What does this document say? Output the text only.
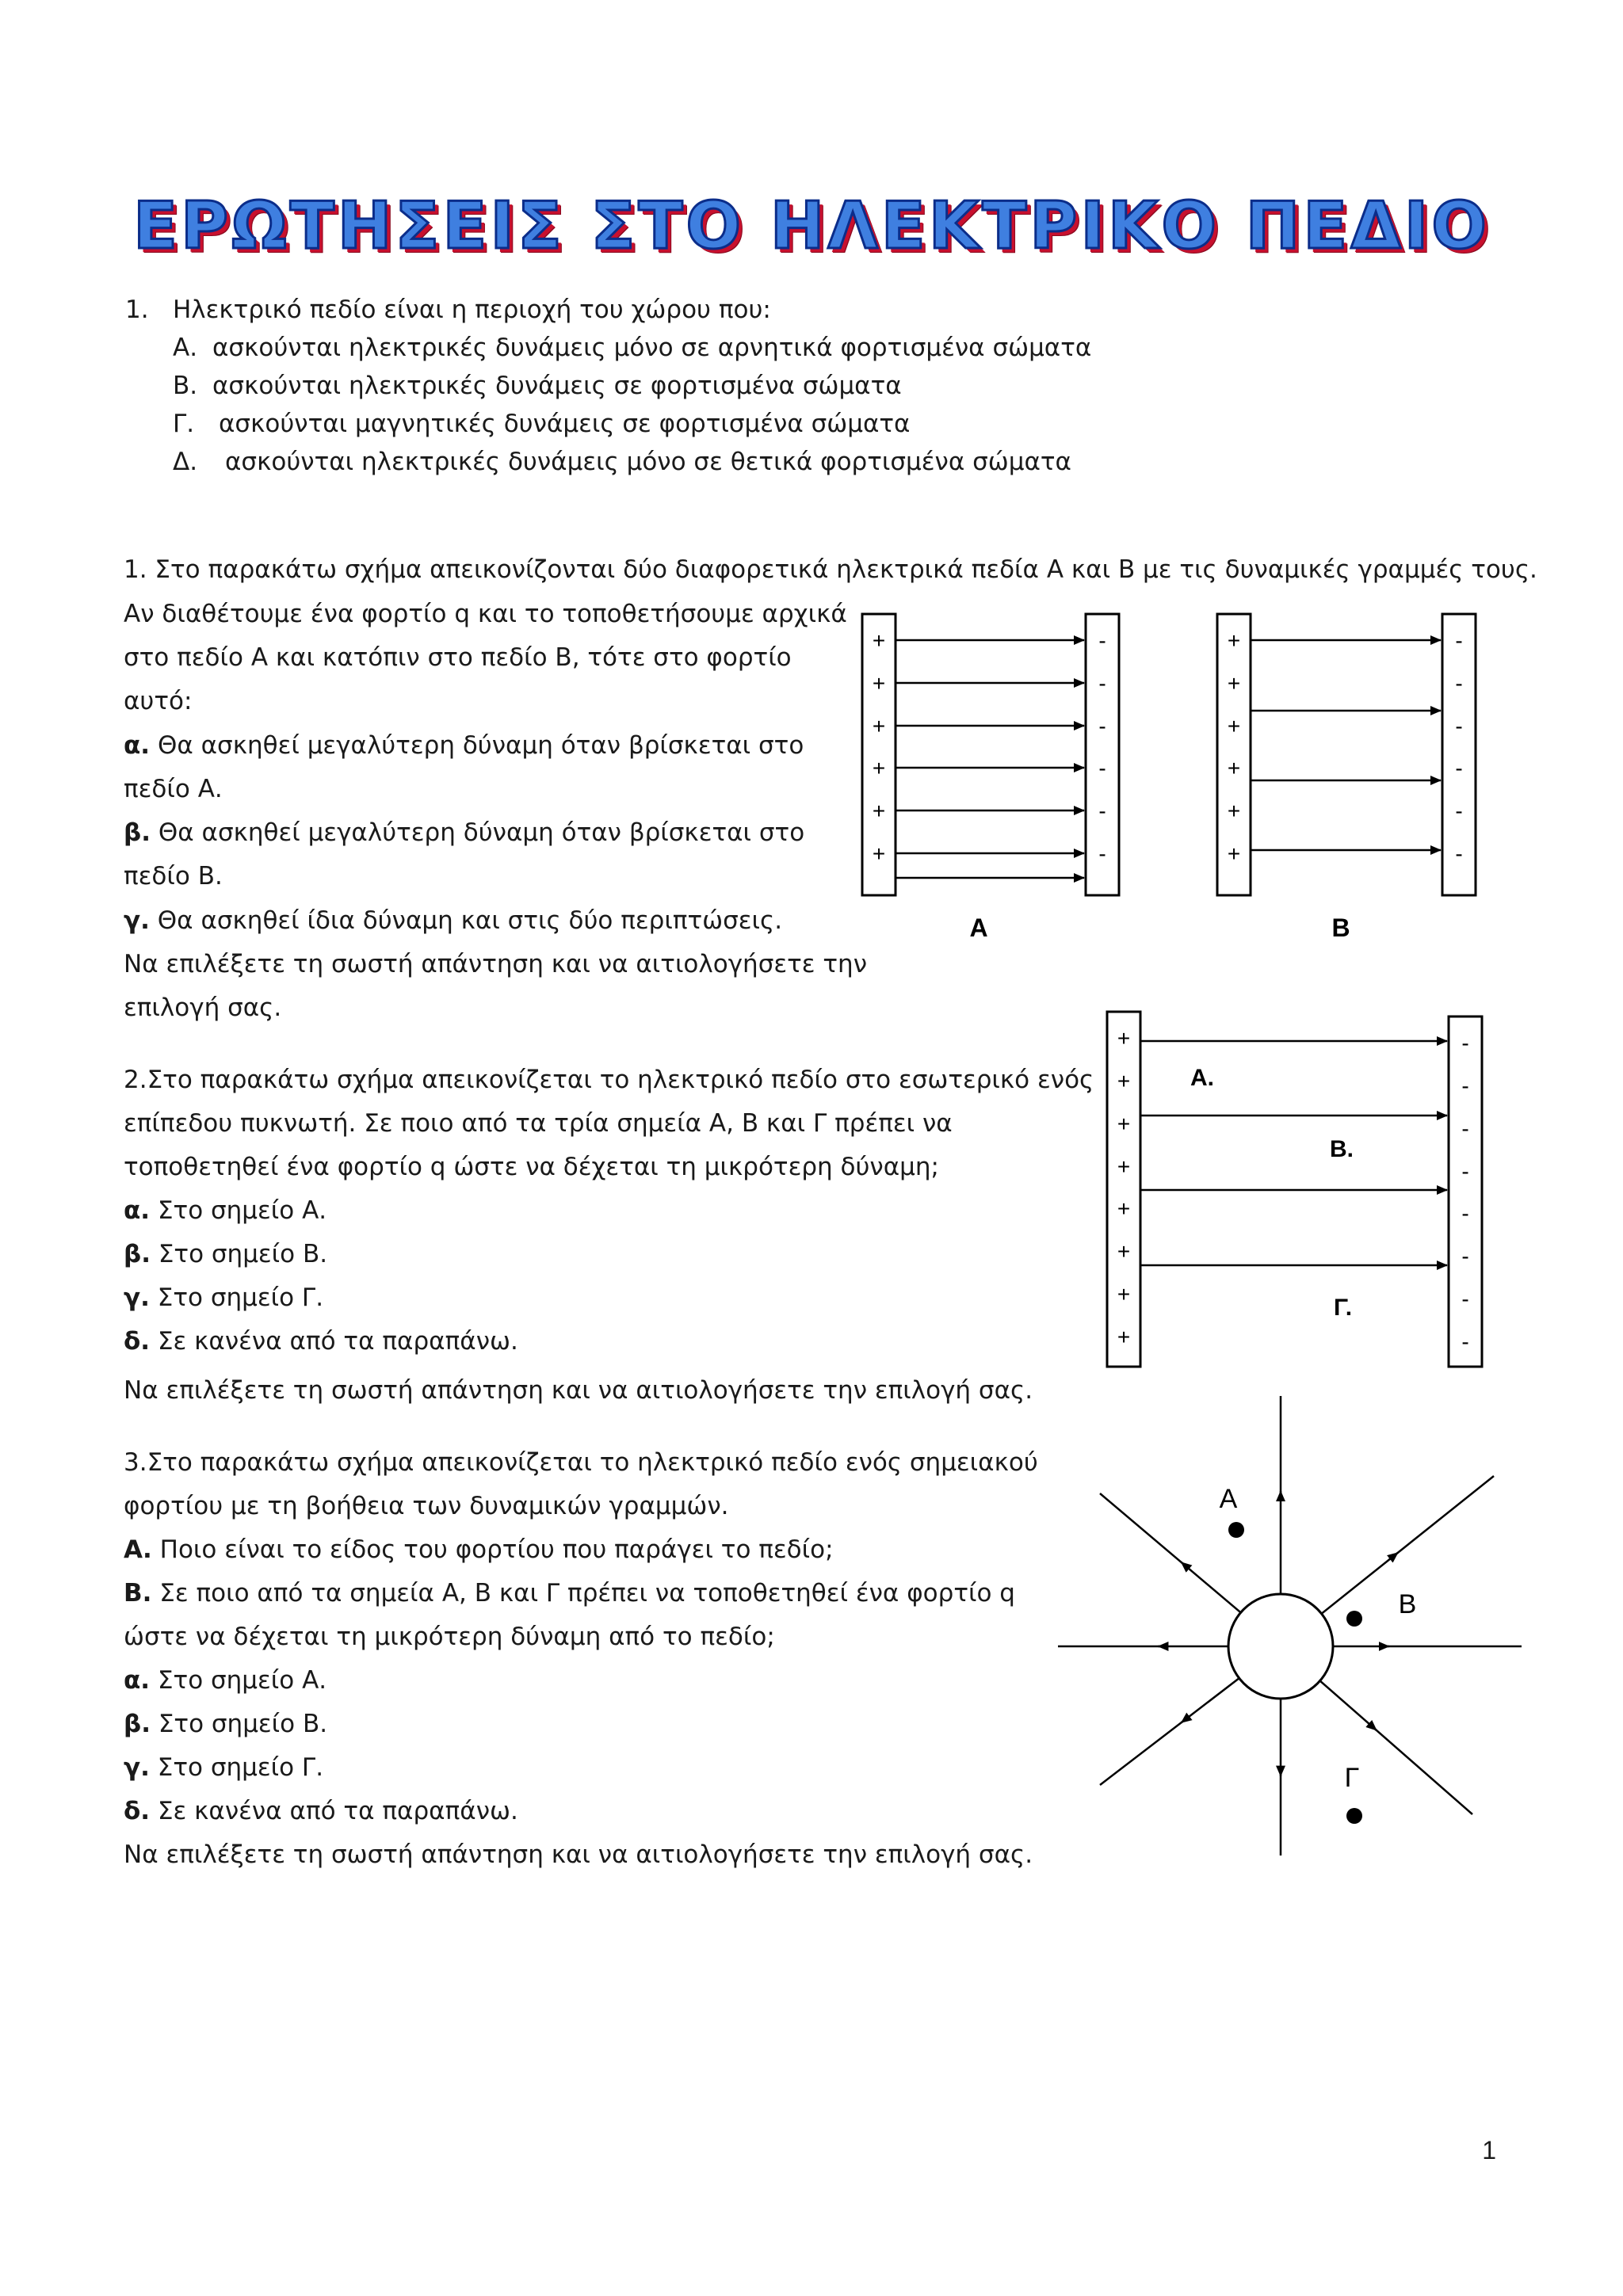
ΕΡΩΤΗΣΕΙΣ ΣΤΟ ΗΛΕΚΤΡΙΚΟ ΠΕΔΙΟ
1. Ηλεκτρικό πεδίο είναι η περιοχή του χώρου που:
Α. ασκούνται ηλεκτρικές δυνάμεις μόνο σε αρνητικά φορτισμένα σώματα
Β. ασκούνται ηλεκτρικές δυνάμεις σε φορτισμένα σώματα
Γ. ασκούνται μαγνητικές δυνάμεις σε φορτισμένα σώματα
Δ. ασκούνται ηλεκτρικές δυνάμεις μόνο σε θετικά φορτισμένα σώματα
1. Στο παρακάτω σχήμα απεικονίζονται δύο διαφορετικά ηλεκτρικά πεδία Α και Β με τις δυναμικές γραμμές τους.
Αν διαθέτουμε ένα φορτίο q και το τοποθετήσουμε αρχικά
στο πεδίο Α και κατόπιν στο πεδίο Β, τότε στο φορτίο
αυτό:
α. Θα ασκηθεί μεγαλύτερη δύναμη όταν βρίσκεται στο
πεδίο Α.
β. Θα ασκηθεί μεγαλύτερη δύναμη όταν βρίσκεται στο
πεδίο Β.
γ. Θα ασκηθεί ίδια δύναμη και στις δύο περιπτώσεις.
Να επιλέξετε τη σωστή απάντηση και να αιτιολογήσετε την
επιλογή σας.
2.Στο παρακάτω σχήμα απεικονίζεται το ηλεκτρικό πεδίο στο εσωτερικό ενός
επίπεδου πυκνωτή. Σε ποιο από τα τρία σημεία Α, Β και Γ πρέπει να
τοποθετηθεί ένα φορτίο q ώστε να δέχεται τη μικρότερη δύναμη;
α. Στο σημείο Α.
β. Στο σημείο Β.
γ. Στο σημείο Γ.
δ. Σε κανένα από τα παραπάνω.
Να επιλέξετε τη σωστή απάντηση και να αιτιολογήσετε την επιλογή σας.
3.Στο παρακάτω σχήμα απεικονίζεται το ηλεκτρικό πεδίο ενός σημειακού
φορτίου με τη βοήθεια των δυναμικών γραμμών.
Α. Ποιο είναι το είδος του φορτίου που παράγει το πεδίο;
Β. Σε ποιο από τα σημεία Α, Β και Γ πρέπει να τοποθετηθεί ένα φορτίο q
ώστε να δέχεται τη μικρότερη δύναμη από το πεδίο;
α. Στο σημείο Α.
β. Στο σημείο Β.
γ. Στο σημείο Γ.
δ. Σε κανένα από τα παραπάνω.
Να επιλέξετε τη σωστή απάντηση και να αιτιολογήσετε την επιλογή σας.
+
+
+
+
+
+
-
-
-
-
-
-
Α
+
+
+
+
+
+
-
-
-
-
-
-
Β
+
+
+
+
+
+
+
+
-
-
-
-
-
-
-
-
Α.
Β.
Γ.
Α
Β
Γ
1
